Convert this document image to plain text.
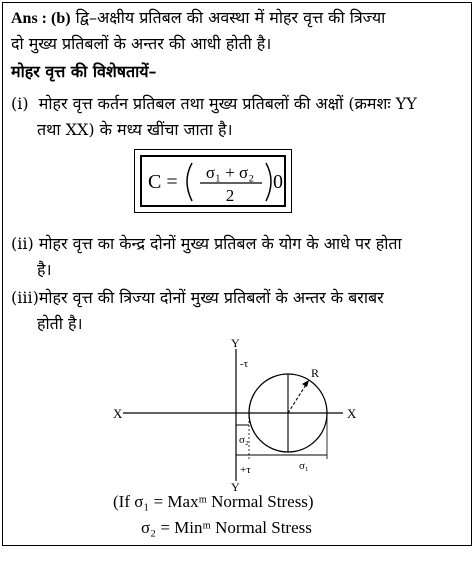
Ans : (b) द्वि–अक्षीय प्रतिबल की अवस्था में मोहर वृत्त की त्रिज्या
दो मुख्य प्रतिबलों के अन्तर की आधी होती है।
मोहर वृत्त की विशेषतायें–
(i) मोहर वृत्त कर्तन प्रतिबल तथा मुख्य प्रतिबलों की अक्षों (क्रमशः YY
तथा XX) के मध्य खींचा जाता है।
C = σ₁ + σ₂
2
0
(ii) मोहर वृत्त का केन्द्र दोनों मुख्य प्रतिबल के योग के आधे पर होता
है।
(iii)मोहर वृत्त की त्रिज्या दोनों मुख्य प्रतिबलों के अन्तर के बराबर
होती है।
X	X
Y
Y
-τ
+τ
R
σ₂
σ₁
(If σ₁ = Maxᵐ Normal Stress)
σ₂ = Minᵐ Normal Stress
